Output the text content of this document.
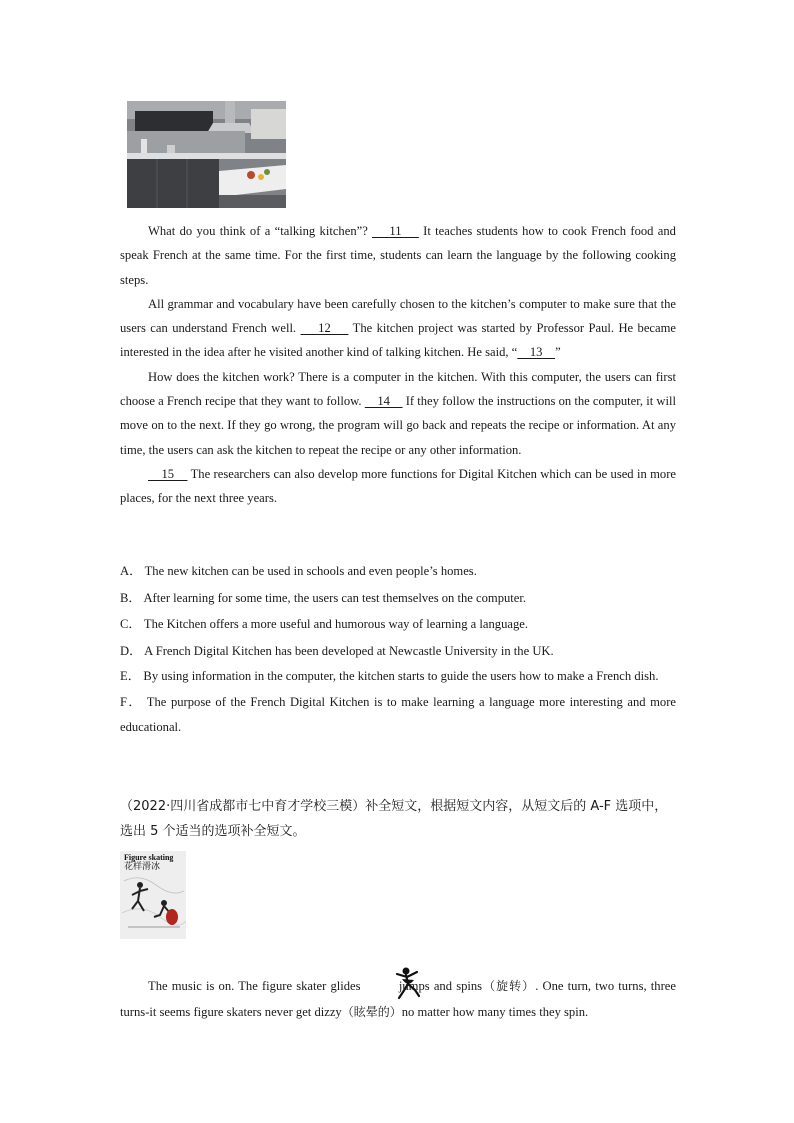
What do you think of a “talking kitchen”?     11     It teaches students how to cook French food and speak French at the same time. For the first time, students can learn the language by the following cooking steps.

All grammar and vocabulary have been carefully chosen to the kitchen’s computer to make sure that the users can understand French well.     12     The kitchen project was started by Professor Paul. He became interested in the idea after he visited another kind of talking kitchen. He said, “    13    ”

How does the kitchen work? There is a computer in the kitchen. With this computer, the users can first choose a French recipe that they want to follow.     14     If they follow the instructions on the computer, it will move on to the next. If they go wrong, the program will go back and repeats the recipe or information. At any time, the users can ask the kitchen to repeat the recipe or any other information.

15     The researchers can also develop more functions for Digital Kitchen which can be used in more places, for the next three years.

A． The new kitchen can be used in schools and even people’s homes.

B． After learning for some time, the users can test themselves on the computer.

C． The Kitchen offers a more useful and humorous way of learning a language.

D． A French Digital Kitchen has been developed at Newcastle University in the UK.

E． By using information in the computer, the kitchen starts to guide the users how to make a French dish.

F． The purpose of the French Digital Kitchen is to make learning a language more interesting and more educational.

（2022·四川省成都市七中育才学校三模）补全短文，根据短文内容，从短文后的 A-F 选项中，选出 5 个适当的选项补全短文。
Figure skating
花样滑冰

The music is on. The figure skater glides  jumps and spins（旋转）. One turn, two turns, three turns-it seems figure skaters never get dizzy（眩晕的）no matter how many times they spin.
